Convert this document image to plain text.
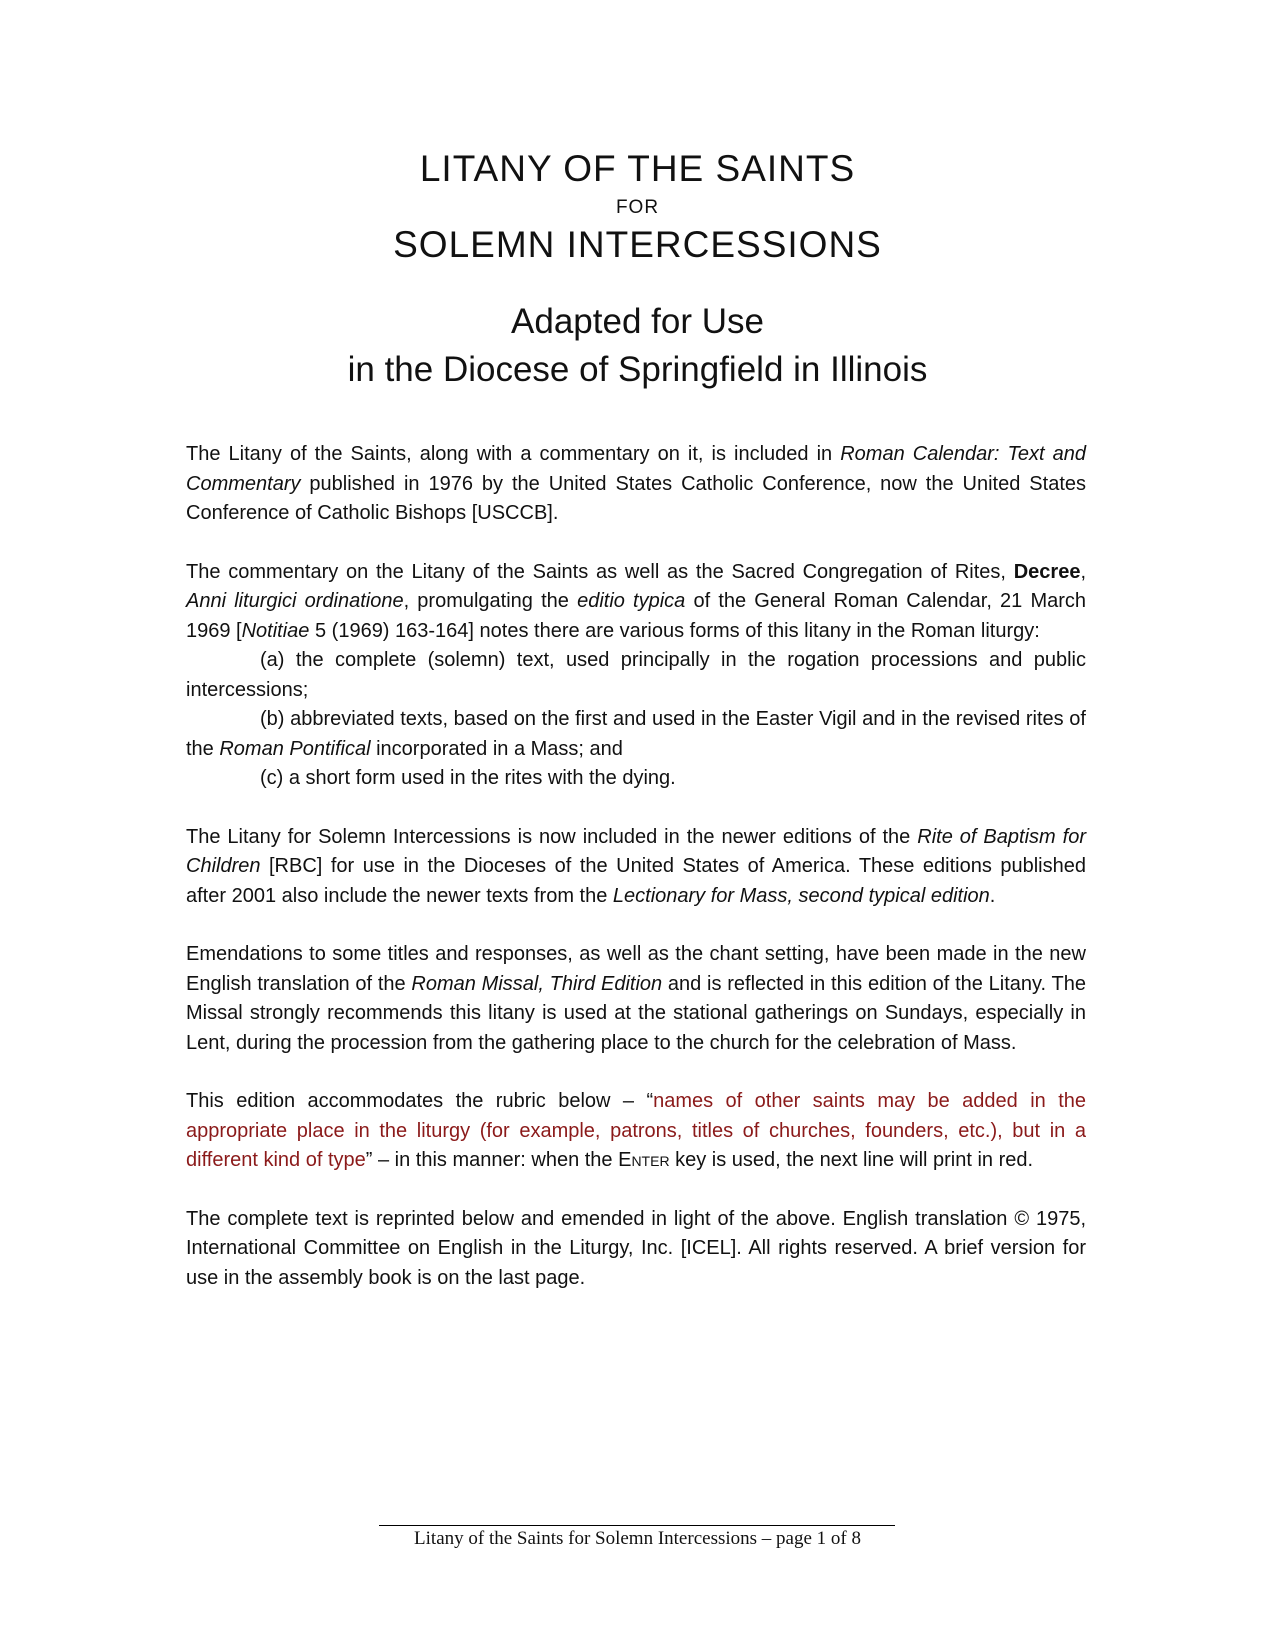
LITANY OF THE SAINTS
FOR
SOLEMN INTERCESSIONS
Adapted for Use
in the Diocese of Springfield in Illinois

The Litany of the Saints, along with a commentary on it, is included in Roman Calendar: Text and Commentary published in 1976 by the United States Catholic Conference, now the United States Conference of Catholic Bishops [USCCB].

The commentary on the Litany of the Saints as well as the Sacred Congregation of Rites, Decree, Anni liturgici ordinatione, promulgating the editio typica of the General Roman Calendar, 21 March 1969 [Notitiae 5 (1969) 163-164] notes there are various forms of this litany in the Roman liturgy:

(a) the complete (solemn) text, used principally in the rogation processions and public intercessions;

(b) abbreviated texts, based on the first and used in the Easter Vigil and in the revised rites of the Roman Pontifical incorporated in a Mass; and

(c) a short form used in the rites with the dying.

The Litany for Solemn Intercessions is now included in the newer editions of the Rite of Baptism for Children [RBC] for use in the Dioceses of the United States of America. These editions published after 2001 also include the newer texts from the Lectionary for Mass, second typical edition.

Emendations to some titles and responses, as well as the chant setting, have been made in the new English translation of the Roman Missal, Third Edition and is reflected in this edition of the Litany. The Missal strongly recommends this litany is used at the stational gatherings on Sundays, especially in Lent, during the procession from the gathering place to the church for the celebration of Mass.

This edition accommodates the rubric below – “names of other saints may be added in the appropriate place in the liturgy (for example, patrons, titles of churches, founders, etc.), but in a different kind of type” – in this manner: when the Enter key is used, the next line will print in red.

The complete text is reprinted below and emended in light of the above. English translation © 1975, International Committee on English in the Liturgy, Inc. [ICEL]. All rights reserved. A brief version for use in the assembly book is on the last page.

Litany of the Saints for Solemn Intercessions – page 1 of 8
